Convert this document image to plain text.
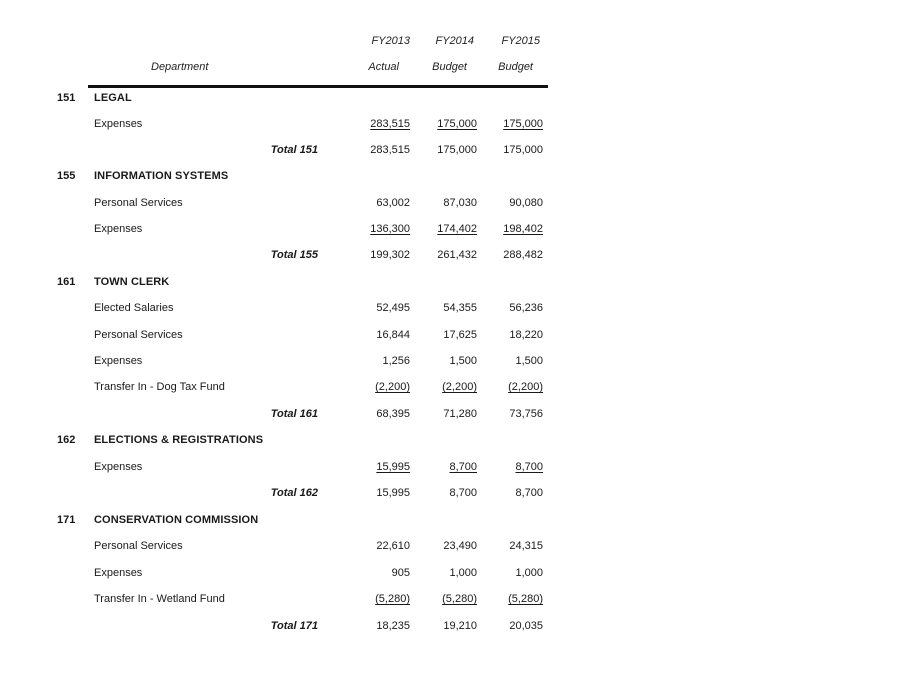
FY2013	FY2014	FY2015
Department	Actual	Budget	Budget
151 LEGAL
Expenses	283,515	175,000	175,000
Total 151	283,515	175,000	175,000
155 INFORMATION SYSTEMS
Personal Services	63,002	87,030	90,080
Expenses	136,300	174,402	198,402
Total 155	199,302	261,432	288,482
161 TOWN CLERK
Elected Salaries	52,495	54,355	56,236
Personal Services	16,844	17,625	18,220
Expenses	1,256	1,500	1,500
Transfer In - Dog Tax Fund	(2,200)	(2,200)	(2,200)
Total 161	68,395	71,280	73,756
162 ELECTIONS & REGISTRATIONS
Expenses	15,995	8,700	8,700
Total 162	15,995	8,700	8,700
171 CONSERVATION COMMISSION
Personal Services	22,610	23,490	24,315
Expenses	905	1,000	1,000
Transfer In - Wetland Fund	(5,280)	(5,280)	(5,280)
Total 171	18,235	19,210	20,035
